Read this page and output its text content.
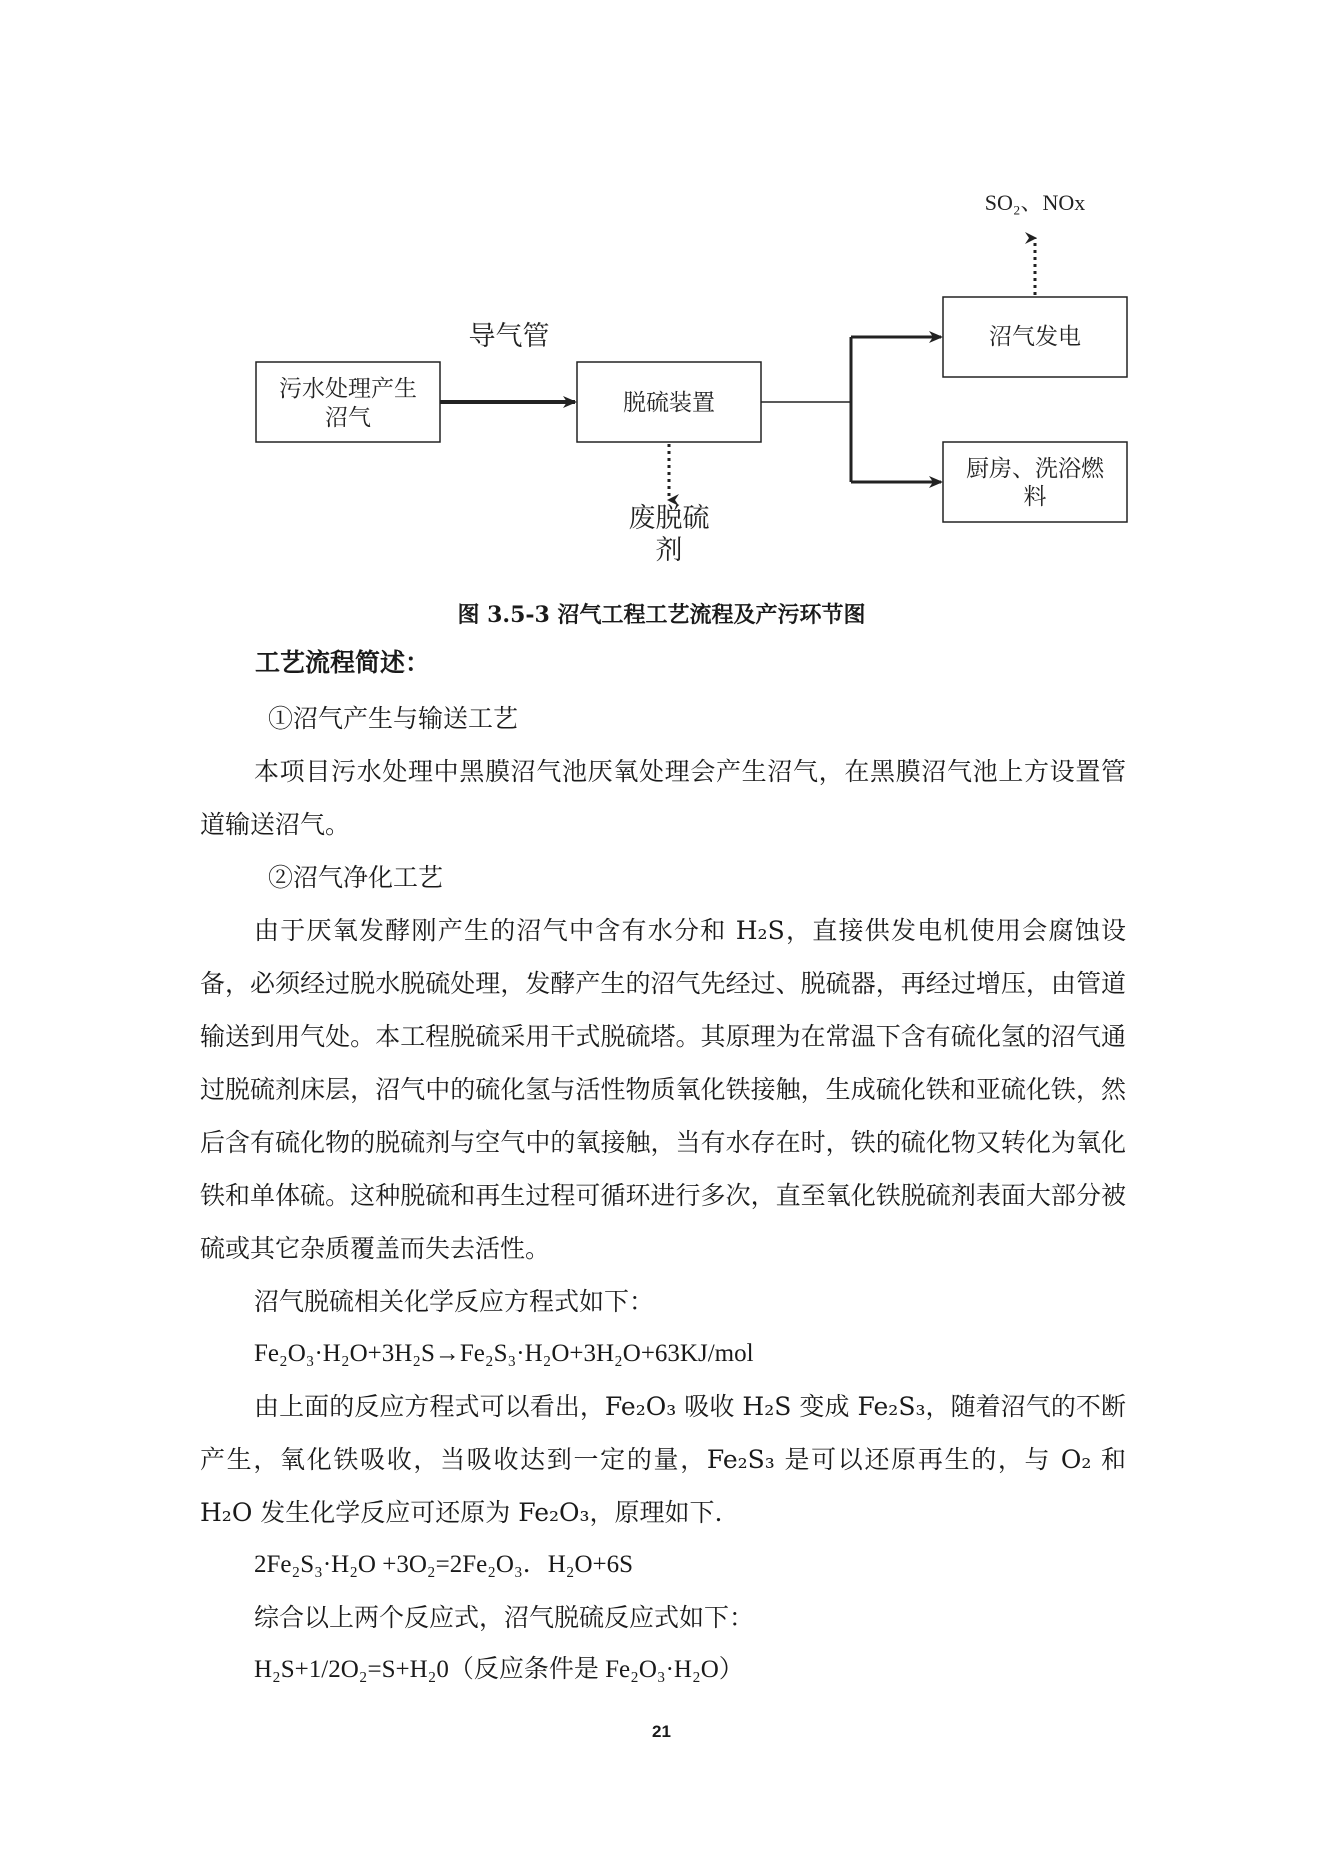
污水处理产生
沼气
脱硫装置
沼气发电
厨房、洗浴燃
料
导气管
废脱硫
剂
SO₂、NOx
图 3.5-3 沼气工程工艺流程及产污环节图

工艺流程简述：

①沼气产生与输送工艺

本项目污水处理中黑膜沼气池厌氧处理会产生沼气，在黑膜沼气池上方设置管道输送沼气。

②沼气净化工艺

由于厌氧发酵刚产生的沼气中含有水分和 H₂S，直接供发电机使用会腐蚀设备，必须经过脱水脱硫处理，发酵产生的沼气先经过、脱硫器，再经过增压，由管道输送到用气处。本工程脱硫采用干式脱硫塔。其原理为在常温下含有硫化氢的沼气通过脱硫剂床层，沼气中的硫化氢与活性物质氧化铁接触，生成硫化铁和亚硫化铁，然后含有硫化物的脱硫剂与空气中的氧接触，当有水存在时，铁的硫化物又转化为氧化铁和单体硫。这种脱硫和再生过程可循环进行多次，直至氧化铁脱硫剂表面大部分被硫或其它杂质覆盖而失去活性。

沼气脱硫相关化学反应方程式如下：

Fe₂O₃·H₂O+3H₂S→Fe₂S₃·H₂O+3H₂O+63KJ/mol

由上面的反应方程式可以看出，Fe₂O₃ 吸收 H₂S 变成 Fe₂S₃，随着沼气的不断产生，氧化铁吸收，当吸收达到一定的量，Fe₂S₃ 是可以还原再生的，与 O₂ 和 H₂O 发生化学反应可还原为 Fe₂O₃，原理如下.

2Fe₂S₃·H₂O +3O₂=2Fe₂O₃．H₂O+6S

综合以上两个反应式，沼气脱硫反应式如下：

H₂S+1/2O₂=S+H₂0（反应条件是 Fe₂O₃·H₂O）

21
